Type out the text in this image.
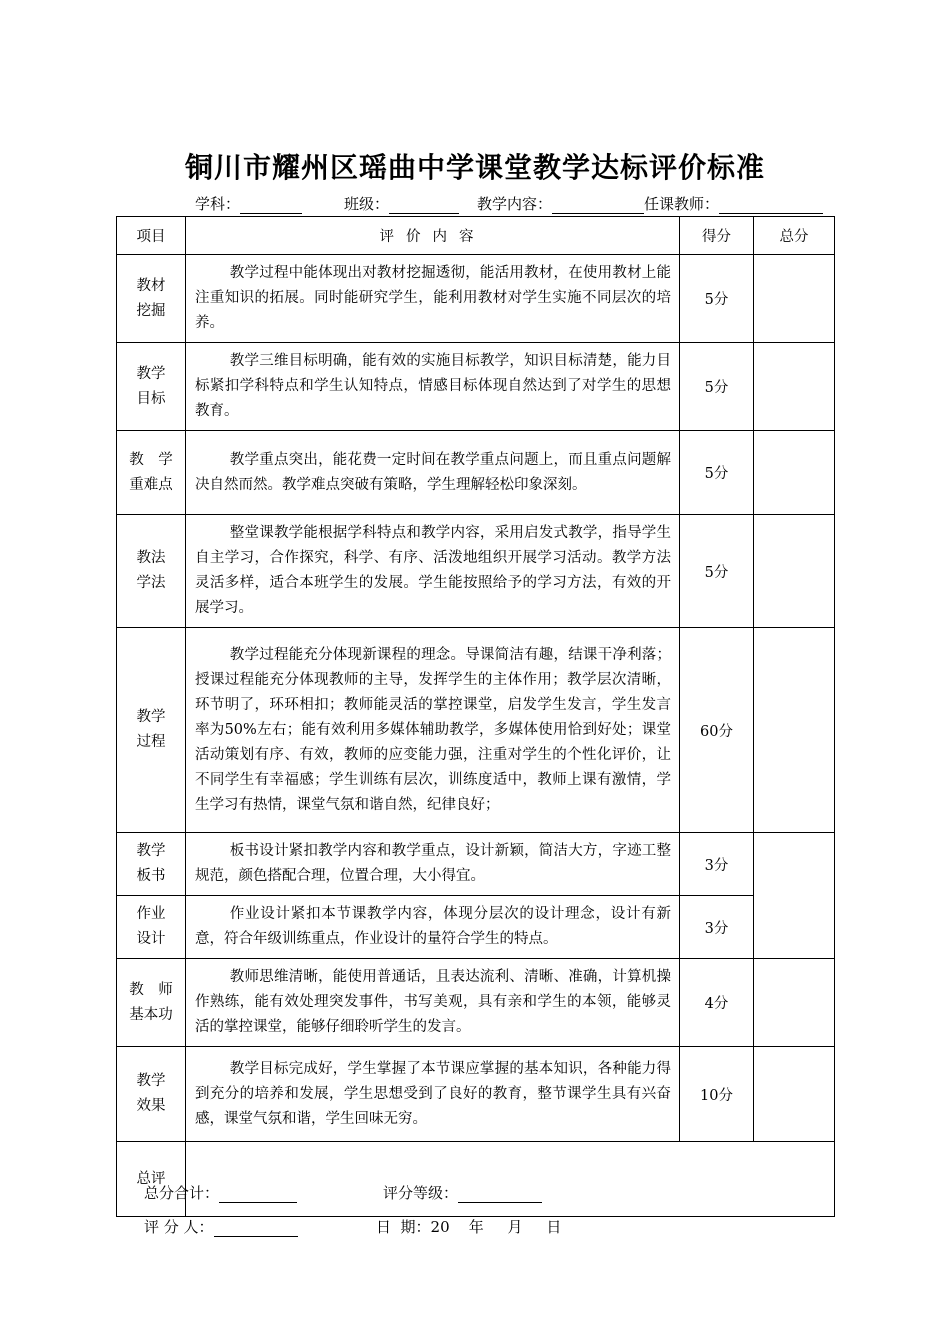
铜川市耀州区瑶曲中学课堂教学达标评价标准
学科：	班级：	教学内容：	任课教师：
项目	评价内容	得分	总分

教材
挖掘	教学过程中能体现出对教材挖掘透彻，能活用教材，在使用教材上能注重知识的拓展。同时能研究学生，能利用教材对学生实施不同层次的培养。	5分	

教学
目标	教学三维目标明确，能有效的实施目标教学，知识目标清楚，能力目标紧扣学科特点和学生认知特点，情感目标体现自然达到了对学生的思想教育。	5分	

教　学
重难点	教学重点突出，能花费一定时间在教学重点问题上，而且重点问题解决自然而然。教学难点突破有策略，学生理解轻松印象深刻。	5分	

教法
学法	整堂课教学能根据学科特点和教学内容，采用启发式教学，指导学生自主学习，合作探究，科学、有序、活泼地组织开展学习活动。教学方法灵活多样，适合本班学生的发展。学生能按照给予的学习方法，有效的开展学习。	5分	

教学
过程	教学过程能充分体现新课程的理念。导课简洁有趣，结课干净利落；授课过程能充分体现教师的主导，发挥学生的主体作用；教学层次清晰，环节明了，环环相扣；教师能灵活的掌控课堂，启发学生发言，学生发言率为50%左右；能有效利用多媒体辅助教学，多媒体使用恰到好处；课堂活动策划有序、有效，教师的应变能力强，注重对学生的个性化评价，让不同学生有幸福感；学生训练有层次，训练度适中，教师上课有激情，学生学习有热情，课堂气氛和谐自然，纪律良好；	60分	

教学
板书	板书设计紧扣教学内容和教学重点，设计新颖，简洁大方，字迹工整规范，颜色搭配合理，位置合理，大小得宜。	3分	

作业
设计	作业设计紧扣本节课教学内容，体现分层次的设计理念，设计有新意，符合年级训练重点，作业设计的量符合学生的特点。	3分	

教　师
基本功	教师思维清晰，能使用普通话，且表达流利、清晰、准确，计算机操作熟练，能有效处理突发事件，书写美观，具有亲和学生的本领，能够灵活的掌控课堂，能够仔细聆听学生的发言。	4分	

教学
效果	教学目标完成好，学生掌握了本节课应掌握的基本知识，各种能力得到充分的培养和发展，学生思想受到了良好的教育，整节课学生具有兴奋感，课堂气氛和谐，学生回味无穷。	10分	
总评			
总分合计：	评分等级：
评 分 人：	日  期：20    年     月     日
